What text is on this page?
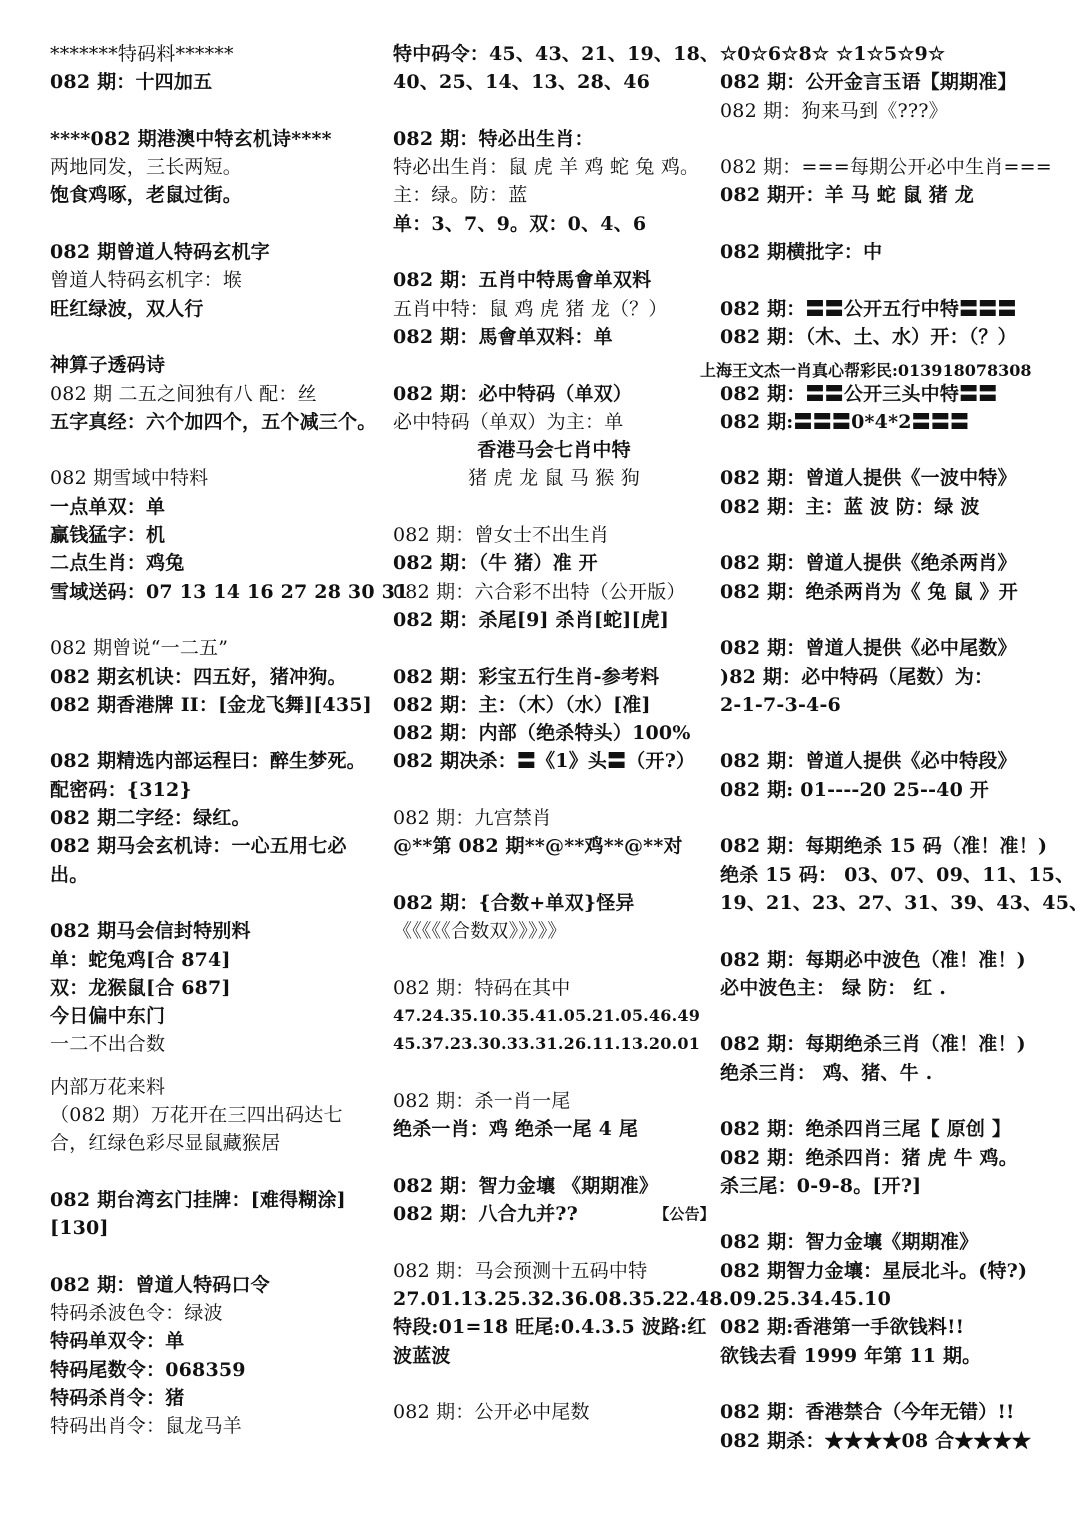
*******特码料******
082 期：十四加五
****082 期港澳中特玄机诗****
两地同发，三长两短。
饱食鸡啄，老鼠过街。
082 期曾道人特码玄机字
曾道人特码玄机字：堠
旺红绿波，双人行
神算子透码诗
082 期 二五之间独有八 配：丝
五字真经：六个加四个，五个减三个。
082 期雪域中特料
一点单双：单
赢钱猛字：机
二点生肖：鸡兔
雪域送码：07 13 14 16 27 28 30 31
082 期曾说“一二五”
082 期玄机诀：四五好，猪冲狗。
082 期香港牌 II：[金龙飞舞][435]
082 期精选内部运程曰：醉生梦死。
配密码：{312}
082 期二字经：绿红。
082 期马会玄机诗：一心五用七必出。
082 期马会信封特别料
单：蛇兔鸡[合 874]
双：龙猴鼠[合 687]
今日偏中东门
一二不出合数
内部万花来料
（082 期）万花开在三四出码达七合，红绿色彩尽显鼠藏猴居
082 期台湾玄门挂牌：[难得糊涂][130]
082 期：曾道人特码口令
特码杀波色令：绿波
特码单双令：单
特码尾数令：068359
特码杀肖令：猪
特码出肖令：鼠龙马羊
特中码令：45、43、21、19、18、
40、25、14、13、28、46
082 期：特必出生肖：
特必出生肖：鼠 虎 羊 鸡 蛇 兔 鸡。
主：绿。防：蓝
单：3、7、9。双：0、4、6
082 期：五肖中特馬會单双料
五肖中特：鼠 鸡 虎 猪 龙（？）
082 期：馬會单双料：单
082 期：必中特码（单双）
必中特码（单双）为主：单
香港马会七肖中特
猪 虎 龙 鼠 马 猴 狗
082 期：曾女士不出生肖
082 期：（牛 猪）准 开
082 期：六合彩不出特（公开版）
082 期：杀尾[9] 杀肖[蛇][虎]
082 期：彩宝五行生肖-参考料
082 期：主：（木）（水）[准]
082 期：内部（绝杀特头）100%
082 期决杀：〓《1》头〓（开?）
082 期：九宫禁肖
@**第 082 期**@**鸡**@**对
082 期：{合数+单双}怪异
《《《《《合数双》》》》》
082 期：特码在其中
47.24.35.10.35.41.05.21.05.46.49
45.37.23.30.33.31.26.11.13.20.01
082 期：杀一肖一尾
绝杀一肖：鸡 绝杀一尾 4 尾
082 期：智力金壤 《期期准》
【公告】
082 期：八合九并??
082 期：马会预测十五码中特
27.01.13.25.32.36.08.35.22.48.09.25.34.45.10
特段:01=18 旺尾:0.4.3.5 波路:红波蓝波
082 期：公开必中尾数
☆0☆6☆8☆ ☆1☆5☆9☆
082 期：公开金言玉语【期期准】
082 期：狗来马到《???》
082 期：===每期公开必中生肖===
082 期开：羊 马 蛇 鼠 猪 龙
082 期横批字：中
082 期：〓〓公开五行中特〓〓〓
082 期：（木、土、水）开：（？）
082 期：〓〓公开三头中特〓〓
082 期:〓〓〓0*4*2〓〓〓
082 期：曾道人提供《一波中特》
082 期：主：蓝 波 防：绿 波
082 期：曾道人提供《绝杀两肖》
082 期：绝杀两肖为《 兔 鼠 》开
082 期：曾道人提供《必中尾数》
)82 期：必中特码（尾数）为：
2-1-7-3-4-6
082 期：曾道人提供《必中特段》
082 期: 01----20 25--40 开
082 期：每期绝杀 15 码（准！准！)
绝杀 15 码： 03、07、09、11、15、
19、21、23、27、31、39、43、45、
082 期：每期必中波色（准！准！)
必中波色主： 绿 防： 红 .
082 期：每期绝杀三肖（准！准！)
绝杀三肖： 鸡、猪、牛 .
082 期：绝杀四肖三尾【 原创 】
082 期：绝杀四肖：猪 虎 牛 鸡。
杀三尾：0-9-8。[开?]
082 期：智力金壤《期期准》
082 期智力金壤：星辰北斗。(特?)
082 期:香港第一手欲钱料!!
欲钱去看 1999 年第 11 期。
082 期：香港禁合（今年无错）!!
082 期杀：★★★★08 合★★★★
上海王文杰一肖真心帮彩民:013918078308
